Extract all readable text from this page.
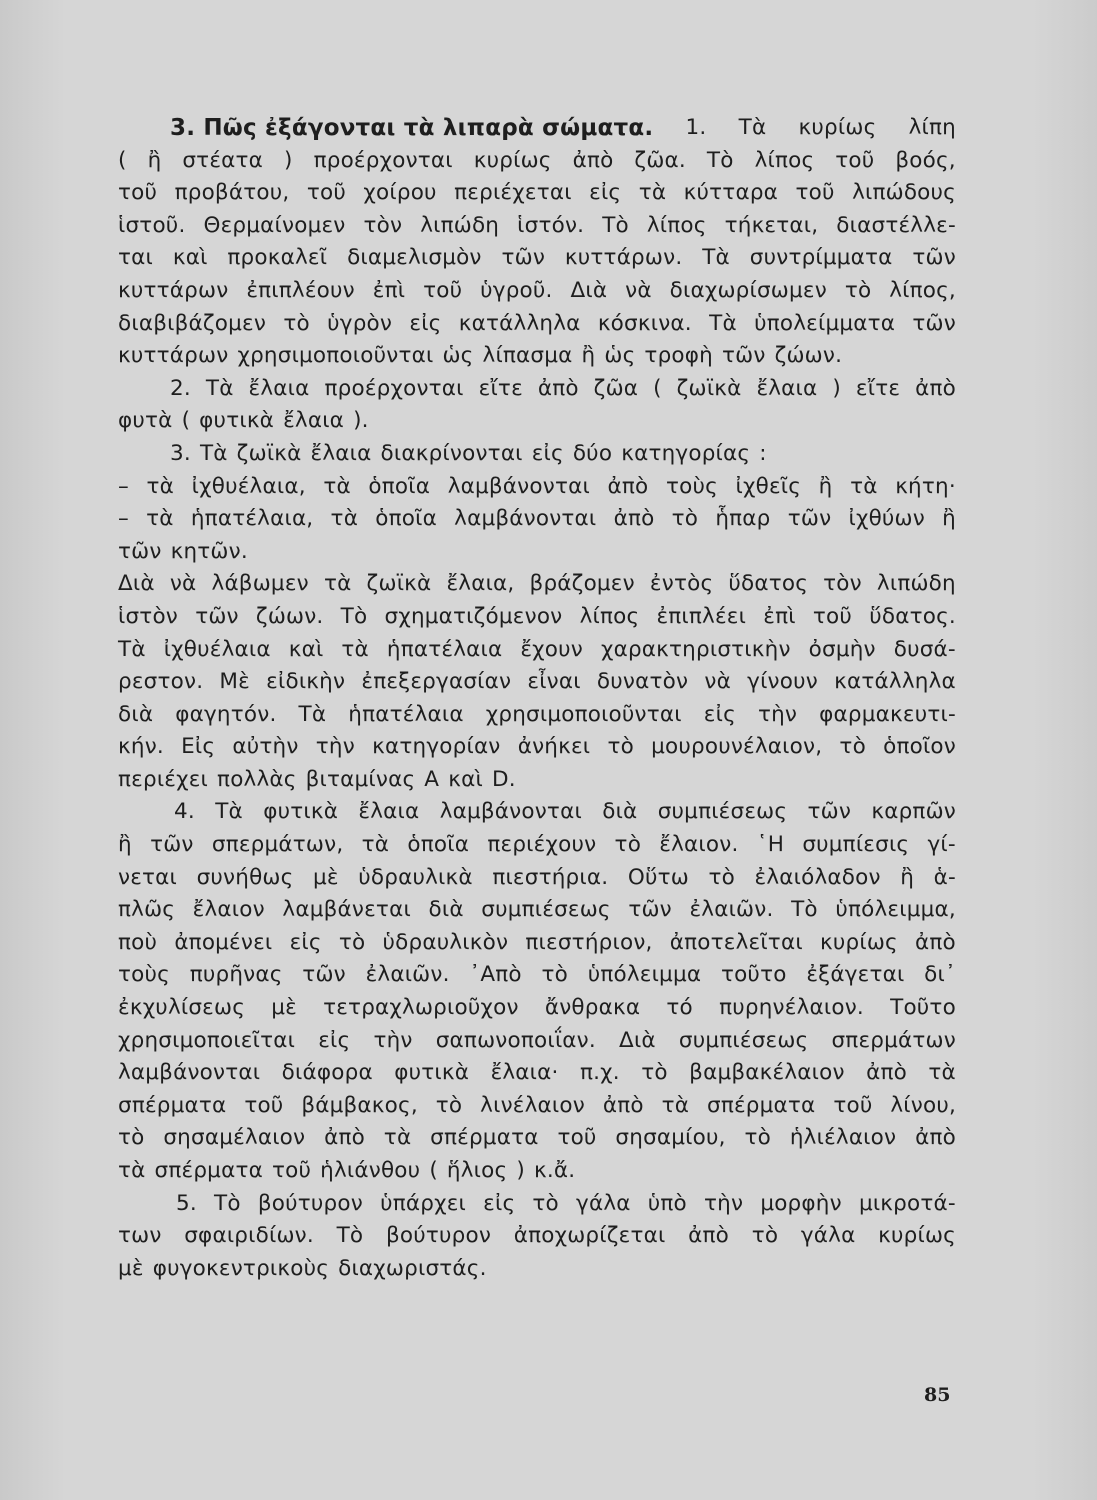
3. Πῶς ἐξάγονται τὰ λιπαρὰ σώματα. 1. Τὰ κυρίως λίπη
( ἢ στέατα ) προέρχονται κυρίως ἀπὸ ζῶα. Τὸ λίπος τοῦ βοός,
τοῦ προβάτου, τοῦ χοίρου περιέχεται εἰς τὰ κύτταρα τοῦ λιπώδους
ἱστοῦ. Θερμαίνομεν τὸν λιπώδη ἱστόν. Τὸ λίπος τήκεται, διαστέλλε-
ται καὶ προκαλεῖ διαμελισμὸν τῶν κυττάρων. Τὰ συντρίμματα τῶν
κυττάρων ἐπιπλέουν ἐπὶ τοῦ ὑγροῦ. Διὰ νὰ διαχωρίσωμεν τὸ λίπος,
διαβιβάζομεν τὸ ὑγρὸν εἰς κατάλληλα κόσκινα. Τὰ ὑπολείμματα τῶν
κυττάρων χρησιμοποιοῦνται ὡς λίπασμα ἢ ὡς τροφὴ τῶν ζώων.
2. Τὰ ἔλαια προέρχονται εἴτε ἀπὸ ζῶα ( ζωϊκὰ ἔλαια ) εἴτε ἀπὸ
φυτὰ ( φυτικὰ ἔλαια ).
3. Τὰ ζωϊκὰ ἔλαια διακρίνονται εἰς δύο κατηγορίας :
– τὰ ἰχθυέλαια, τὰ ὁποῖα λαμβάνονται ἀπὸ τοὺς ἰχθεῖς ἢ τὰ κήτη·
– τὰ ἡπατέλαια, τὰ ὁποῖα λαμβάνονται ἀπὸ τὸ ἧπαρ τῶν ἰχθύων ἢ
τῶν κητῶν.
Διὰ νὰ λάβωμεν τὰ ζωϊκὰ ἔλαια, βράζομεν ἐντὸς ὕδατος τὸν λιπώδη
ἱστὸν τῶν ζώων. Τὸ σχηματιζόμενον λίπος ἐπιπλέει ἐπὶ τοῦ ὕδατος.
Τὰ ἰχθυέλαια καὶ τὰ ἡπατέλαια ἔχουν χαρακτηριστικὴν ὀσμὴν δυσά-
ρεστον. Μὲ εἰδικὴν ἐπεξεργασίαν εἶναι δυνατὸν νὰ γίνουν κατάλληλα
διὰ φαγητόν. Τὰ ἡπατέλαια χρησιμοποιοῦνται εἰς τὴν φαρμακευτι-
κήν. Εἰς αὐτὴν τὴν κατηγορίαν ἀνήκει τὸ μουρουνέλαιον, τὸ ὁποῖον
περιέχει πολλὰς βιταμίνας Α καὶ D.
4. Τὰ φυτικὰ ἔλαια λαμβάνονται διὰ συμπιέσεως τῶν καρπῶν
ἢ τῶν σπερμάτων, τὰ ὁποῖα περιέχουν τὸ ἔλαιον. ῾Η συμπίεσις γί-
νεται συνήθως μὲ ὑδραυλικὰ πιεστήρια. Οὕτω τὸ ἐλαιόλαδον ἢ ἁ-
πλῶς ἔλαιον λαμβάνεται διὰ συμπιέσεως τῶν ἐλαιῶν. Τὸ ὑπόλειμμα,
ποὺ ἀπομένει εἰς τὸ ὑδραυλικὸν πιεστήριον, ἀποτελεῖται κυρίως ἀπὸ
τοὺς πυρῆνας τῶν ἐλαιῶν. ᾿Απὸ τὸ ὑπόλειμμα τοῦτο ἐξάγεται δι᾿
ἐκχυλίσεως μὲ τετραχλωριοῦχον ἄνθρακα τό πυρηνέλαιον. Τοῦτο
χρησιμοποιεῖται εἰς τὴν σαπωνοποιΐαν. Διὰ συμπιέσεως σπερμάτων
λαμβάνονται διάφορα φυτικὰ ἔλαια· π.χ. τὸ βαμβακέλαιον ἀπὸ τὰ
σπέρματα τοῦ βάμβακος, τὸ λινέλαιον ἀπὸ τὰ σπέρματα τοῦ λίνου,
τὸ σησαμέλαιον ἀπὸ τὰ σπέρματα τοῦ σησαμίου, τὸ ἡλιέλαιον ἀπὸ
τὰ σπέρματα τοῦ ἡλιάνθου ( ἥλιος ) κ.ἄ.
5. Τὸ βούτυρον ὑπάρχει εἰς τὸ γάλα ὑπὸ τὴν μορφὴν μικροτά-
των σφαιριδίων. Τὸ βούτυρον ἀποχωρίζεται ἀπὸ τὸ γάλα κυρίως
μὲ φυγοκεντρικοὺς διαχωριστάς.
85
